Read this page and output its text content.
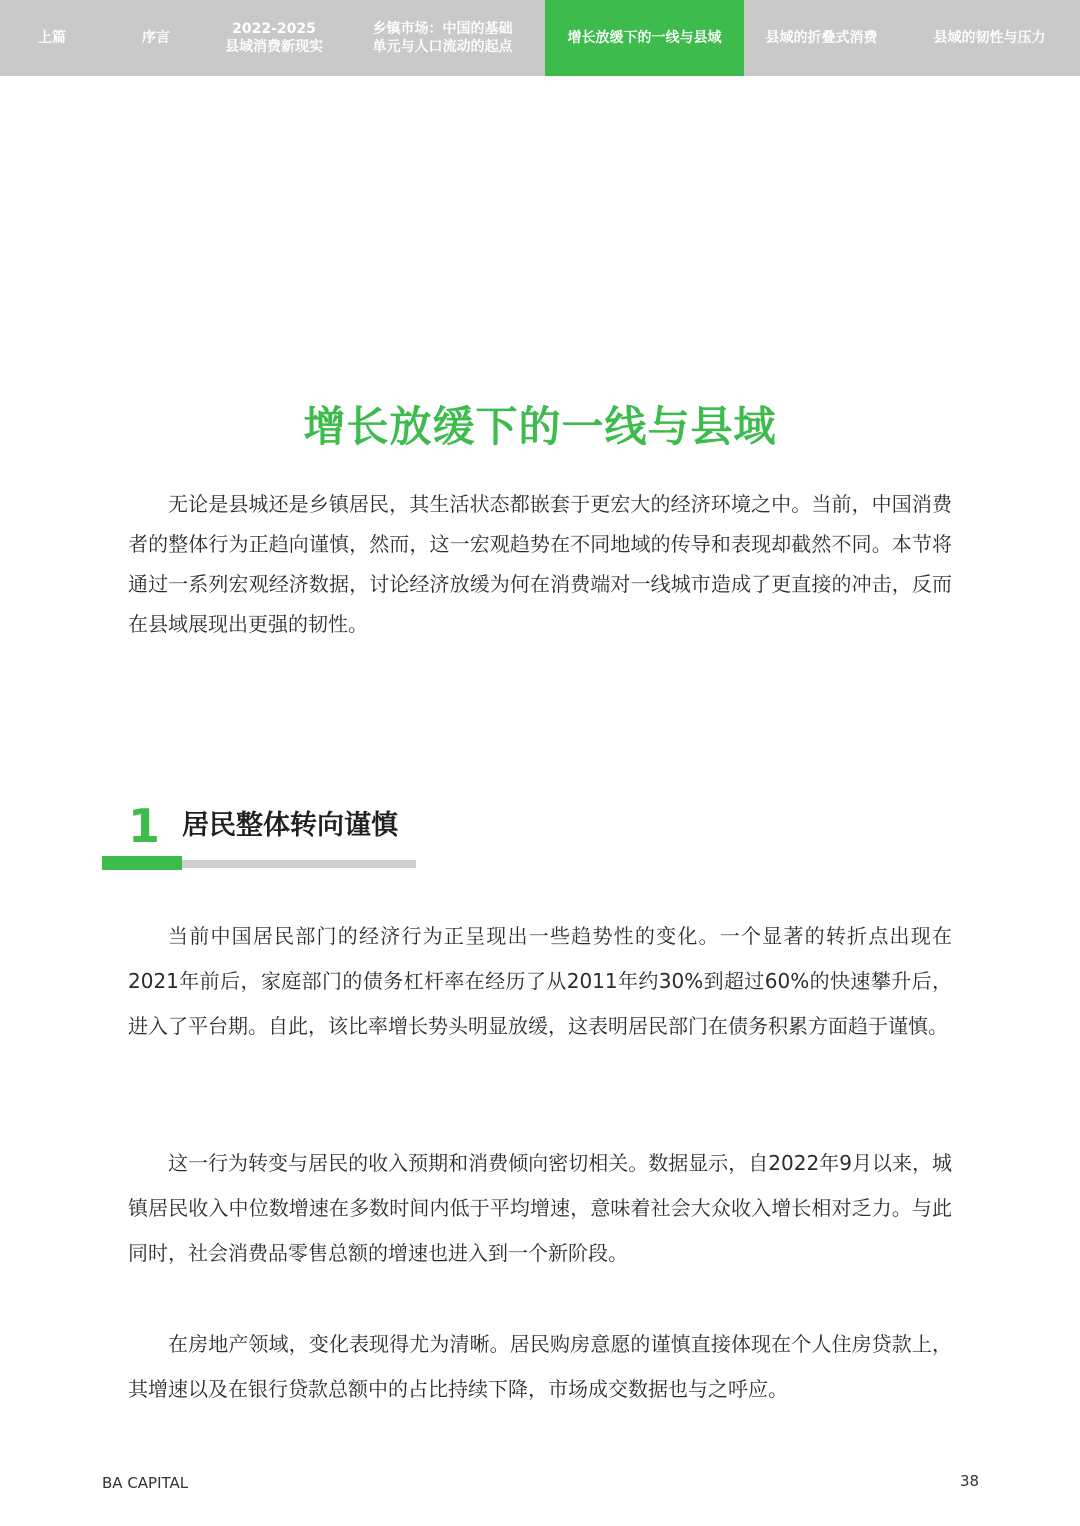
上篇	序言
2022-2025
县域消费新现实
乡镇市场：中国的基础
单元与人口流动的起点
增长放缓下的一线与县域	县域的折叠式消费	县域的韧性与压力
增长放缓下的一线与县域

无论是县城还是乡镇居民，其生活状态都嵌套于更宏大的经济环境之中。当前，中国消费者的整体行为正趋向谨慎，然而，这一宏观趋势在不同地域的传导和表现却截然不同。本节将通过一系列宏观经济数据，讨论经济放缓为何在消费端对一线城市造成了更直接的冲击，反而在县域展现出更强的韧性。

1 居民整体转向谨慎

当前中国居民部门的经济行为正呈现出一些趋势性的变化。一个显著的转折点出现在2021年前后，家庭部门的债务杠杆率在经历了从2011年约30%到超过60%的快速攀升后，进入了平台期。自此，该比率增长势头明显放缓，这表明居民部门在债务积累方面趋于谨慎。

这一行为转变与居民的收入预期和消费倾向密切相关。数据显示，自2022年9月以来，城镇居民收入中位数增速在多数时间内低于平均增速，意味着社会大众收入增长相对乏力。与此同时，社会消费品零售总额的增速也进入到一个新阶段。

在房地产领域，变化表现得尤为清晰。居民购房意愿的谨慎直接体现在个人住房贷款上，其增速以及在银行贷款总额中的占比持续下降，市场成交数据也与之呼应。

BA CAPITAL	38
